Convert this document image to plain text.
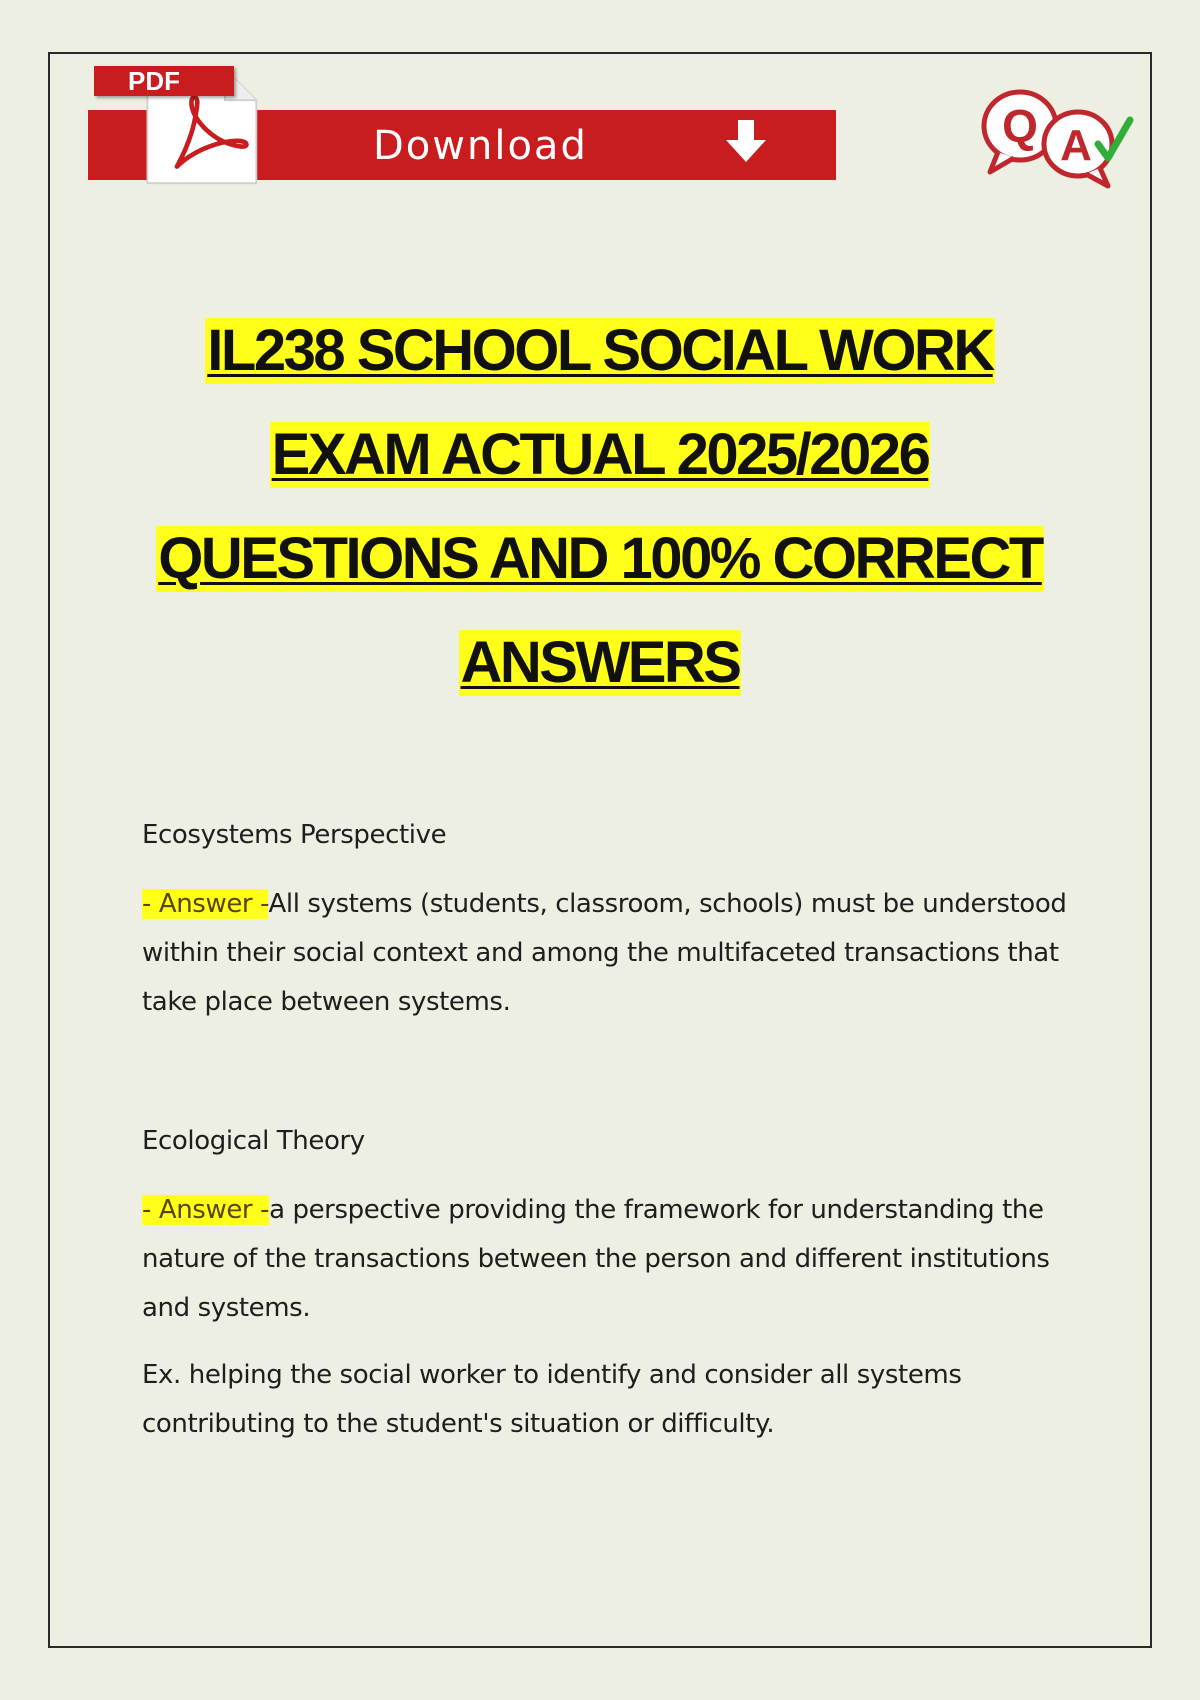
PDF
Download	Q A
IL238 SCHOOL SOCIAL WORK
EXAM ACTUAL 2025/2026
QUESTIONS AND 100% CORRECT
ANSWERS

Ecosystems Perspective

- Answer -All systems (students, classroom, schools) must be understood within their social context and among the multifaceted transactions that take place between systems.

Ecological Theory

- Answer -a perspective providing the framework for understanding the nature of the transactions between the person and different institutions and systems.

Ex. helping the social worker to identify and consider all systems contributing to the student's situation or difficulty.
